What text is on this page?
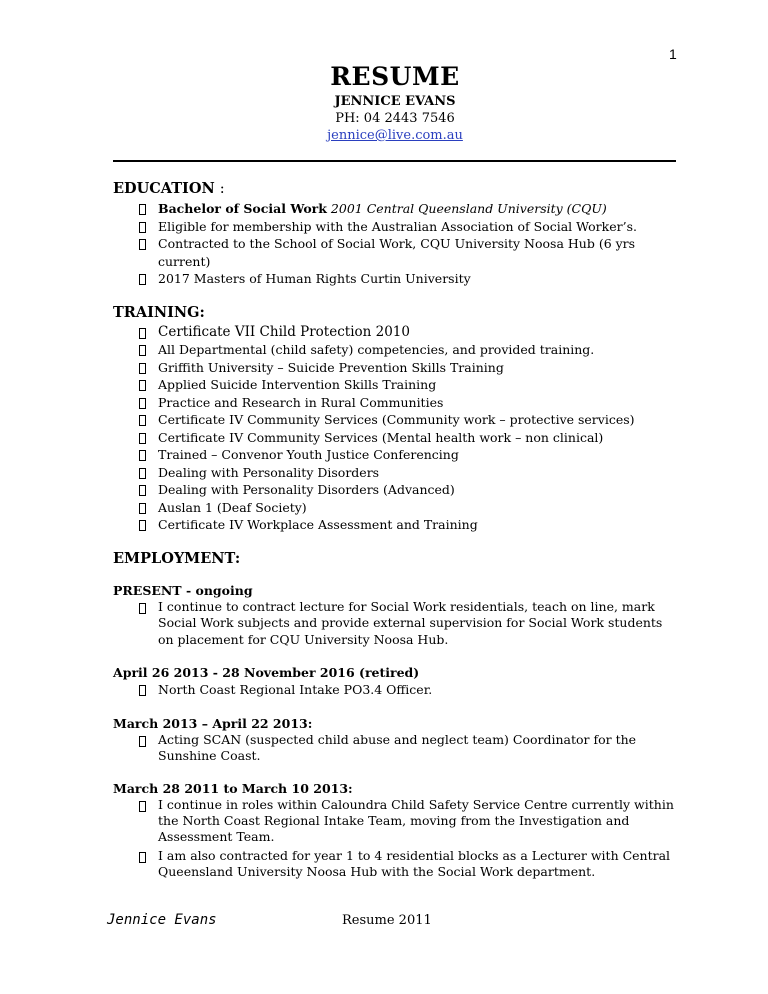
1
RESUME
JENNICE EVANS
PH: 04 2443 7546
jennice@live.com.au
EDUCATION :
Bachelor of Social Work 2001 Central Queensland University (CQU)
Eligible for membership with the Australian Association of Social Worker’s.
Contracted to the School of Social Work, CQU University Noosa Hub (6 yrs current)
2017 Masters of Human Rights Curtin University
TRAINING:
Certificate VII Child Protection 2010
All Departmental (child safety) competencies, and provided training.
Griffith University – Suicide Prevention Skills Training
Applied Suicide Intervention Skills Training
Practice and Research in Rural Communities
Certificate IV Community Services (Community work – protective services)
Certificate IV Community Services (Mental health work – non clinical)
Trained – Convenor Youth Justice Conferencing
Dealing with Personality Disorders
Dealing with Personality Disorders (Advanced)
Auslan 1 (Deaf Society)
Certificate IV Workplace Assessment and Training
EMPLOYMENT:
PRESENT - ongoing
I continue to contract lecture for Social Work residentials, teach on line, mark Social Work subjects and provide external supervision for Social Work students on placement for CQU University Noosa Hub.
April 26 2013 - 28 November 2016 (retired)
North Coast Regional Intake PO3.4 Officer.
March 2013 – April 22 2013:
Acting SCAN (suspected child abuse and neglect team) Coordinator for the Sunshine Coast.
March 28 2011 to March 10 2013:
I continue in roles within Caloundra Child Safety Service Centre currently within the North Coast Regional Intake Team, moving from the Investigation and Assessment Team.
I am also contracted for year 1 to 4 residential blocks as a Lecturer with Central Queensland University Noosa Hub with the Social Work department.
Jennice Evans	Resume 2011
